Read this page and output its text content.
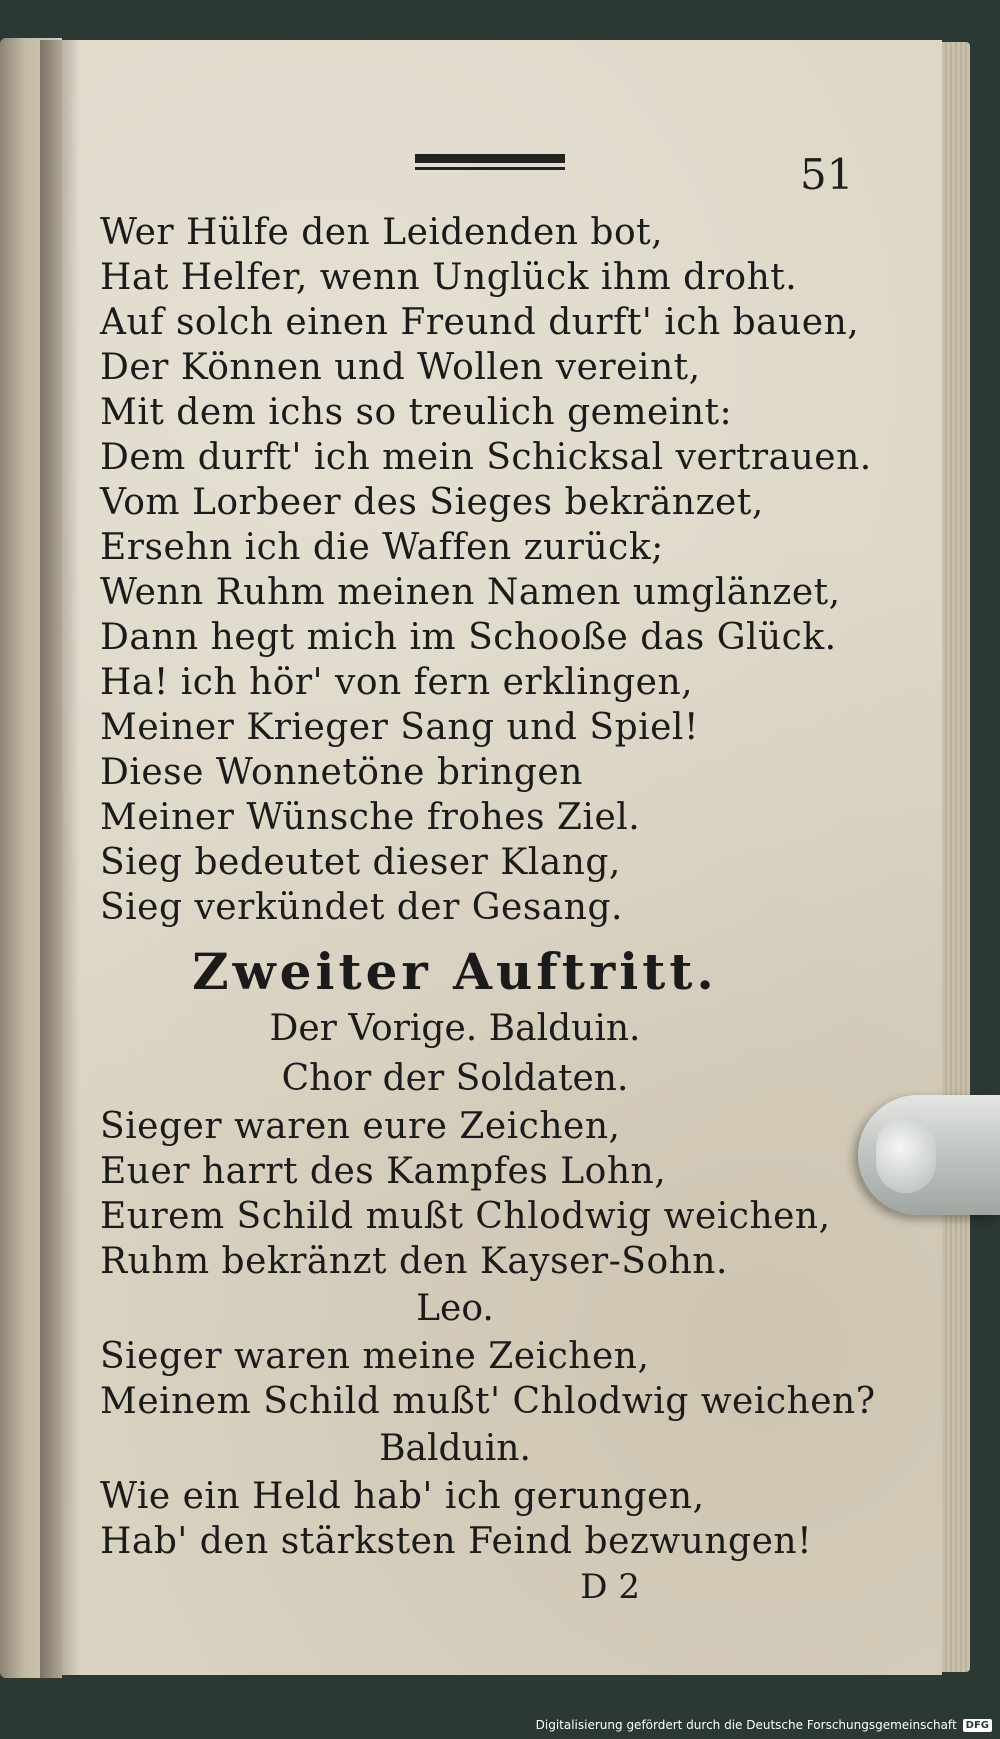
51
Wer Hülfe den Leidenden bot,
Hat Helfer, wenn Unglück ihm droht.
Auf solch einen Freund durft' ich bauen,
Der Können und Wollen vereint,
Mit dem ichs so treulich gemeint:
Dem durft' ich mein Schicksal vertrauen.
Vom Lorbeer des Sieges bekränzet,
Ersehn ich die Waffen zurück;
Wenn Ruhm meinen Namen umglänzet,
Dann hegt mich im Schooße das Glück.
Ha! ich hör' von fern erklingen,
Meiner Krieger Sang und Spiel!
Diese Wonnetöne bringen
Meiner Wünsche frohes Ziel.
Sieg bedeutet dieser Klang,
Sieg verkündet der Gesang.
Zweiter Auftritt.
Der Vorige. Balduin.
Chor der Soldaten.
Sieger waren eure Zeichen,
Euer harrt des Kampfes Lohn,
Eurem Schild mußt Chlodwig weichen,
Ruhm bekränzt den Kayser-Sohn.
Leo.
Sieger waren meine Zeichen,
Meinem Schild mußt' Chlodwig weichen?
Balduin.
Wie ein Held hab' ich gerungen,
Hab' den stärksten Feind bezwungen!
D 2
Digitalisierung gefördert durch die Deutsche Forschungsgemeinschaft DFG
